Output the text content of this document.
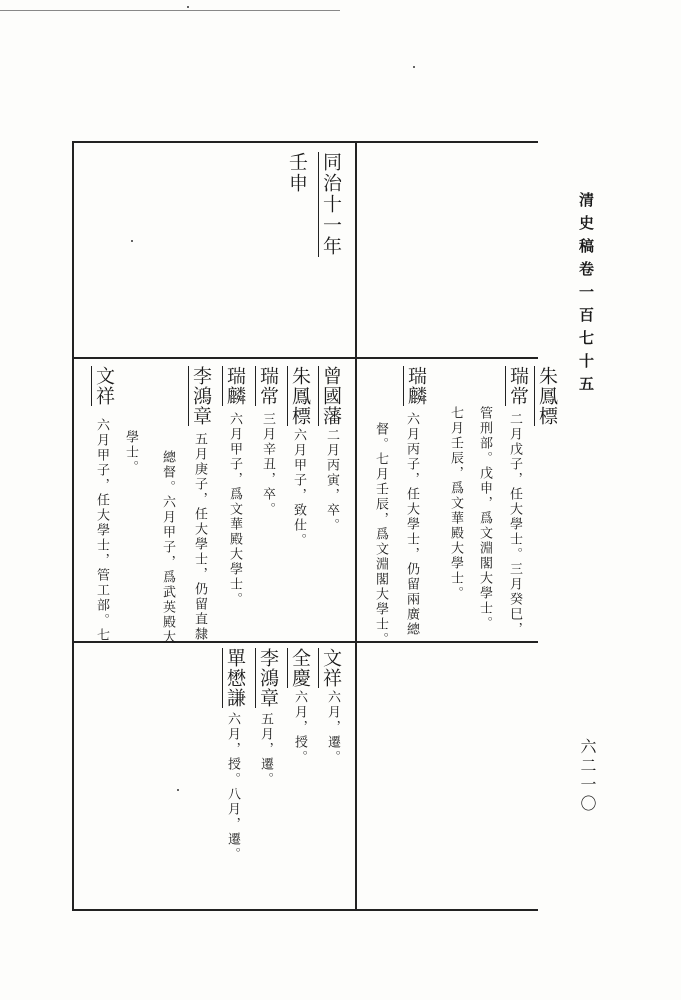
清史稿卷一百七十五
六二一〇
同治十一年
壬申
朱鳳標
瑞常
二月戊子，任大學士。三月癸巳，
管刑部。戊申，爲文淵閣大學士。
七月壬辰，爲文華殿大學士。
瑞麟
六月丙子，任大學士，仍留兩廣總
督。七月壬辰，爲文淵閣大學士。
曾國藩
二月丙寅，卒。
朱鳳標
六月甲子，致仕。
瑞常
三月辛丑，卒。
瑞麟
六月甲子，爲文華殿大學士。
李鴻章
五月庚子，任大學士，仍留直隸
總督。六月甲子，爲武英殿大
學士。
文祥
六月甲子，任大學士，管工部。七
文祥
六月，遷。
全慶
六月，授。
李鴻章
五月，遷。
單懋謙
六月，授。八月，遷。
